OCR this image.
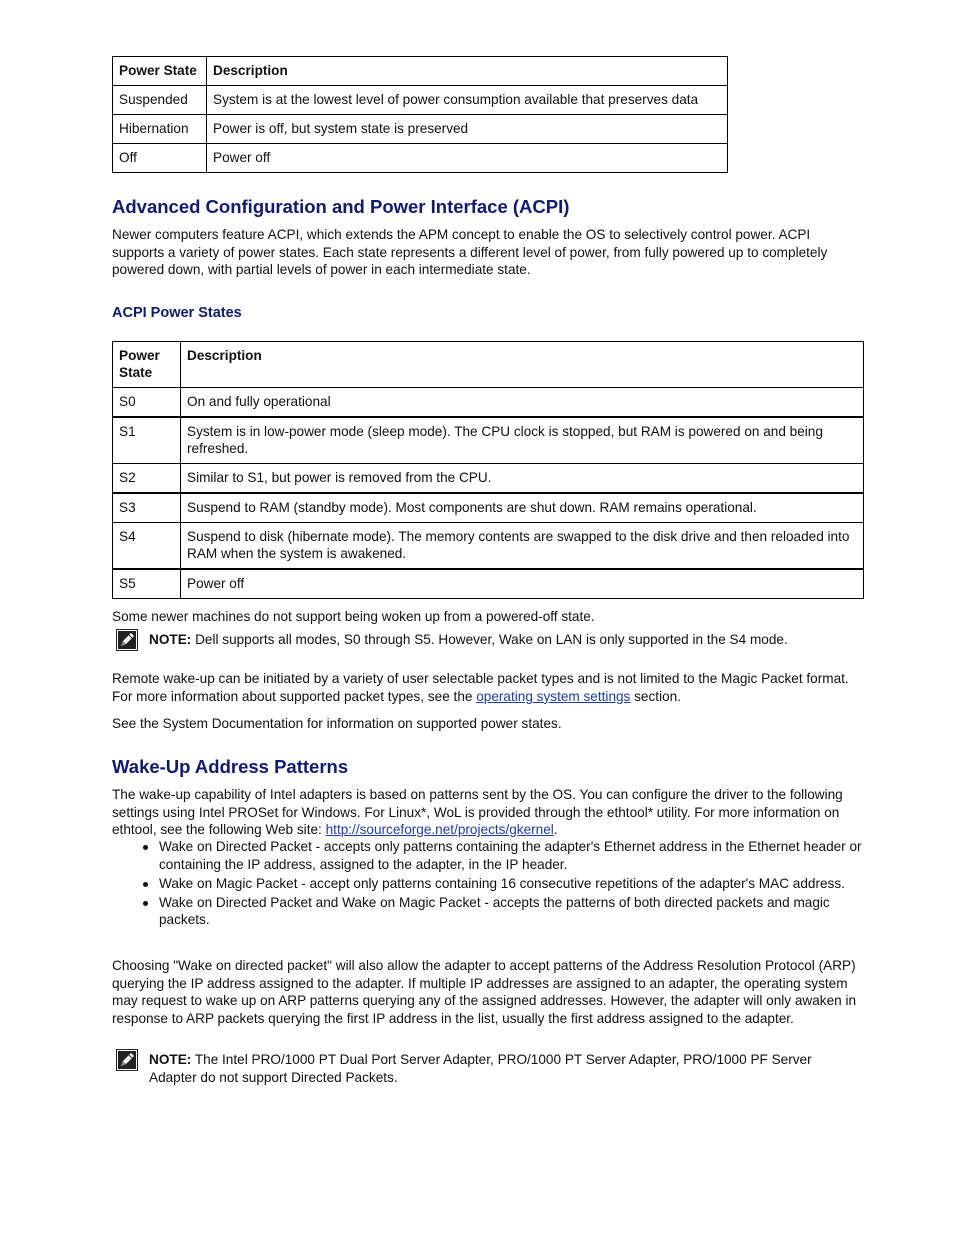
Power State	Description
Suspended	System is at the lowest level of power consumption available that preserves data
Hibernation	Power is off, but system state is preserved
Off	Power off
Advanced Configuration and Power Interface (ACPI)

Newer computers feature ACPI, which extends the APM concept to enable the OS to selectively control power. ACPI supports a variety of power states. Each state represents a different level of power, from fully powered up to completely powered down, with partial levels of power in each intermediate state.

ACPI Power States
Power State	Description
S0	On and fully operational
S1	System is in low-power mode (sleep mode). The CPU clock is stopped, but RAM is powered on and being refreshed.
S2	Similar to S1, but power is removed from the CPU.
S3	Suspend to RAM (standby mode). Most components are shut down. RAM remains operational.
S4	Suspend to disk (hibernate mode). The memory contents are swapped to the disk drive and then reloaded into RAM when the system is awakened.
S5	Power off

Some newer machines do not support being woken up from a powered-off state.

NOTE: Dell supports all modes, S0 through S5. However, Wake on LAN is only supported in the S4 mode.

Remote wake-up can be initiated by a variety of user selectable packet types and is not limited to the Magic Packet format. For more information about supported packet types, see the operating system settings section.

See the System Documentation for information on supported power states.

Wake-Up Address Patterns

The wake-up capability of Intel adapters is based on patterns sent by the OS. You can configure the driver to the following settings using Intel PROSet for Windows. For Linux*, WoL is provided through the ethtool* utility. For more information on ethtool, see the following Web site: http://sourceforge.net/projects/gkernel.

Wake on Directed Packet - accepts only patterns containing the adapter's Ethernet address in the Ethernet header or containing the IP address, assigned to the adapter, in the IP header.
Wake on Magic Packet - accept only patterns containing 16 consecutive repetitions of the adapter's MAC address.
Wake on Directed Packet and Wake on Magic Packet - accepts the patterns of both directed packets and magic packets.

Choosing "Wake on directed packet" will also allow the adapter to accept patterns of the Address Resolution Protocol (ARP) querying the IP address assigned to the adapter. If multiple IP addresses are assigned to an adapter, the operating system may request to wake up on ARP patterns querying any of the assigned addresses. However, the adapter will only awaken in response to ARP packets querying the first IP address in the list, usually the first address assigned to the adapter.

NOTE: The Intel PRO/1000 PT Dual Port Server Adapter, PRO/1000 PT Server Adapter, PRO/1000 PF Server Adapter do not support Directed Packets.
